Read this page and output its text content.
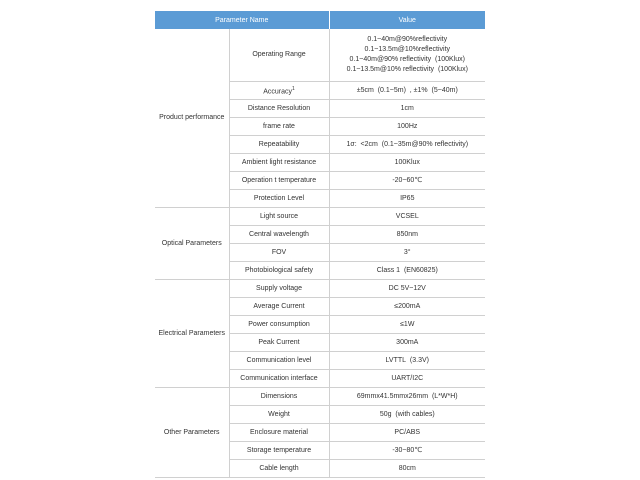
Parameter Name		Value
Product performance	Operating Range	0.1~40m@90%reflectivity
0.1~13.5m@10%reflectivity
0.1~40m@90% reflectivity  (100Klux)
0.1~13.5m@10% reflectivity  (100Klux)

	Accuracy$^1$	±5cm  (0.1~5m)  , ±1%  (5~40m)
	Distance Resolution	1cm
	frame rate	100Hz
	Repeatability	1σ:  <2cm  (0.1~35m@90% reflectivity)
	Ambient light resistance	100Klux
	Operation t temperature	-20~60℃
	Protection Level	IP65
Optical Parameters	Light source	VCSEL
	Central wavelength	850nm
	FOV	3°
	Photobiological safety	Class 1  (EN60825)
Electrical Parameters	Supply voltage	DC 5V~12V
	Average Current	≤200mA
	Power consumption	≤1W
	Peak Current	300mA
	Communication level	LVTTL  (3.3V)
	Communication interface	UART/I2C
Other Parameters	Dimensions	69mmx41.5mmx26mm  (L*W*H)
	Weight	50g  (with cables)
	Enclosure material	PC/ABS
	Storage temperature	-30~80℃
	Cable length	80cm
